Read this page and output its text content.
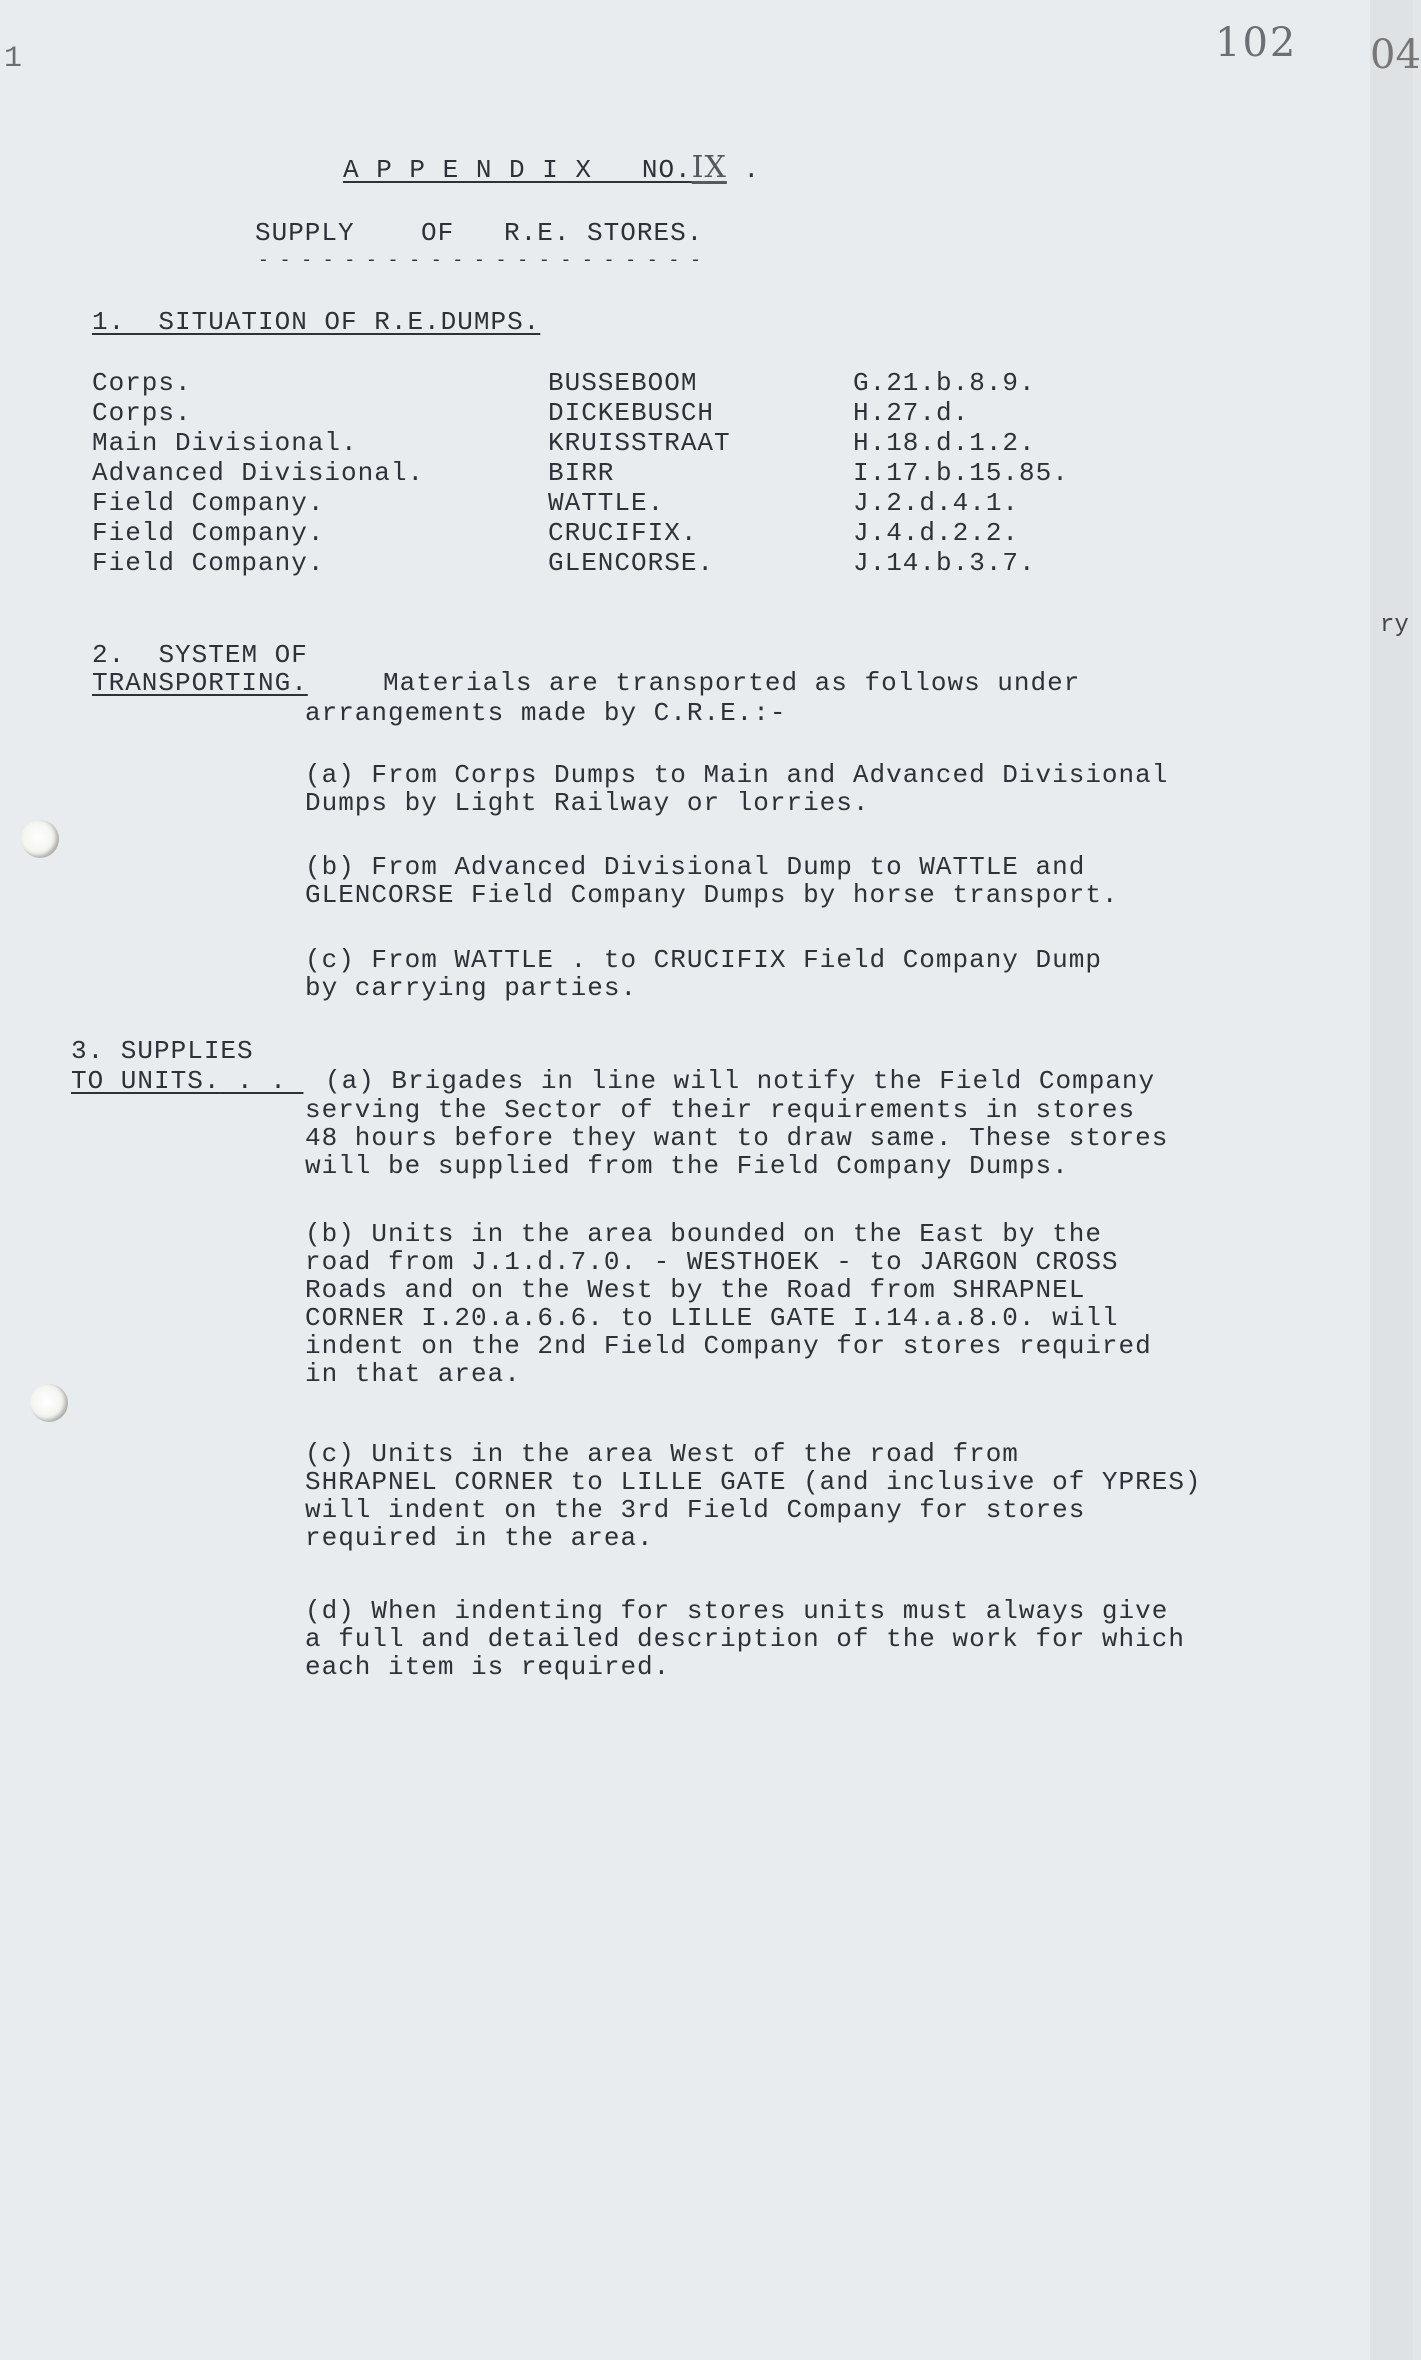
1	102
A P P E N D I X   NO.IX .
SUPPLY    OF   R.E. STORES.
- - - - - - - - - - - - - - - - - - - - -
1.  SITUATION OF R.E.DUMPS.
Corps.	BUSSEBOOM	G.21.b.8.9.
Corps.	DICKEBUSCH	H.27.d.
Main Divisional.	KRUISSTRAAT	H.18.d.1.2.
Advanced Divisional.	BIRR	I.17.b.15.85.
Field Company.	WATTLE.	J.2.d.4.1.
Field Company.	CRUCIFIX.	J.4.d.2.2.
Field Company.	GLENCORSE.	J.14.b.3.7.
2. SYSTEM OF
TRANSPORTING.	Materials are transported as follows under
arrangements made by C.R.E.:-
(a) From Corps Dumps to Main and Advanced Divisional
Dumps by Light Railway or lorries.
(b) From Advanced Divisional Dump to WATTLE and
GLENCORSE Field Company Dumps by horse transport.
(c) From WATTLE . to CRUCIFIX Field Company Dump
by carrying parties.
3. SUPPLIES
TO UNITS. . . (a) Brigades in line will notify the Field Company
serving the Sector of their requirements in stores
48 hours before they want to draw same. These stores
will be supplied from the Field Company Dumps.
(b) Units in the area bounded on the East by the
road from J.1.d.7.0. - WESTHOEK - to JARGON CROSS
Roads and on the West by the Road from SHRAPNEL
CORNER I.20.a.6.6. to LILLE GATE I.14.a.8.0. will
indent on the 2nd Field Company for stores required
in that area.
(c) Units in the area West of the road from
SHRAPNEL CORNER to LILLE GATE (and inclusive of YPRES)
will indent on the 3rd Field Company for stores
required in the area.
(d) When indenting for stores units must always give
a full and detailed description of the work for which
each item is required.
04
ry
